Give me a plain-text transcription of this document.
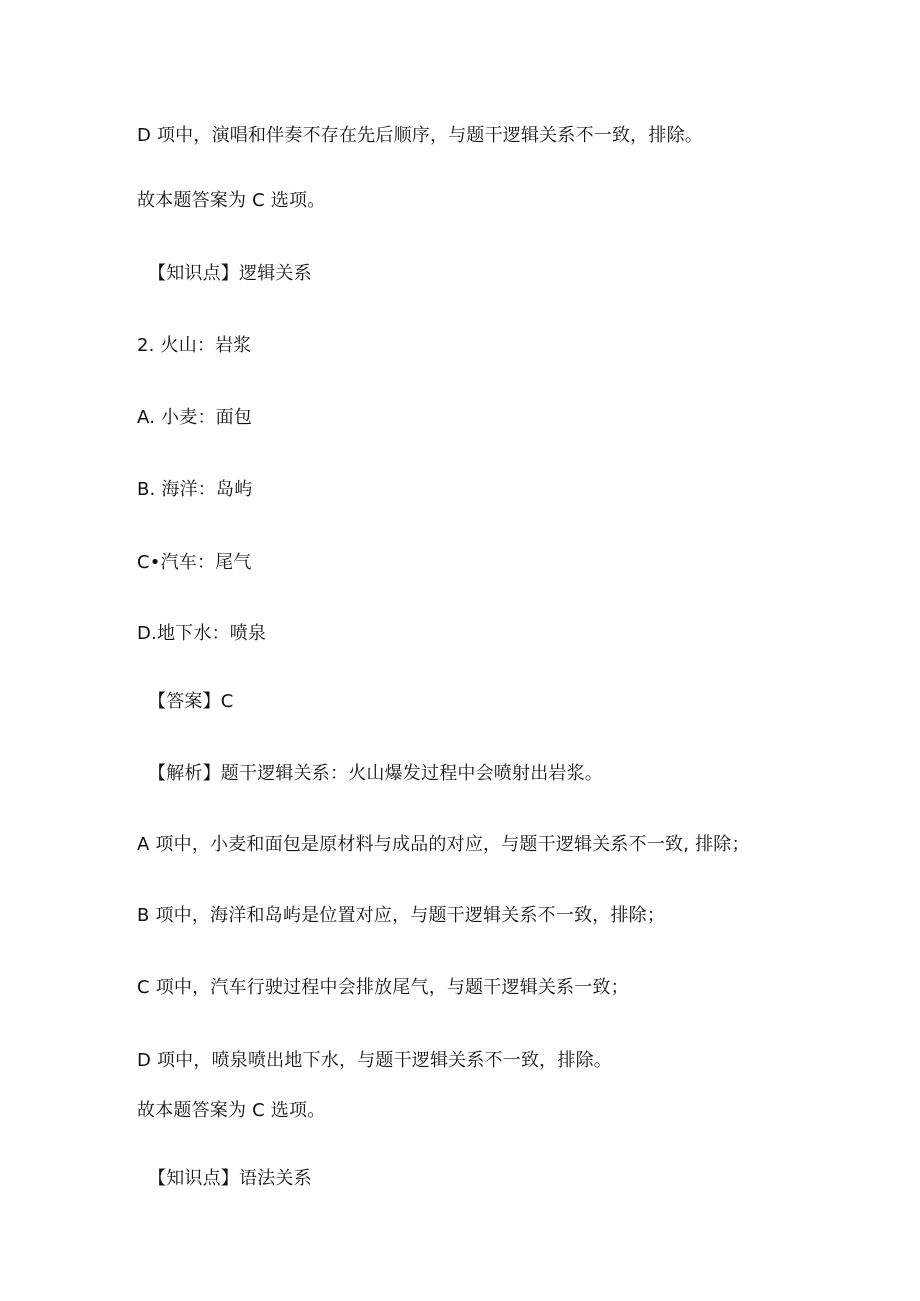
D 项中，演唱和伴奏不存在先后顺序，与题干逻辑关系不一致，排除。
故本题答案为 C 选项。
【知识点】逻辑关系
2. 火山：岩浆
A. 小麦：面包
B. 海洋：岛屿
C•汽车：尾气
D.地下水：喷泉
【答案】C
【解析】题干逻辑关系：火山爆发过程中会喷射出岩浆。
A 项中，小麦和面包是原材料与成品的对应，与题干逻辑关系不一致, 排除；
B 项中，海洋和岛屿是位置对应，与题干逻辑关系不一致，排除；
C 项中，汽车行驶过程中会排放尾气，与题干逻辑关系一致；
D 项中，喷泉喷出地下水，与题干逻辑关系不一致，排除。
故本题答案为 C 选项。
【知识点】语法关系
